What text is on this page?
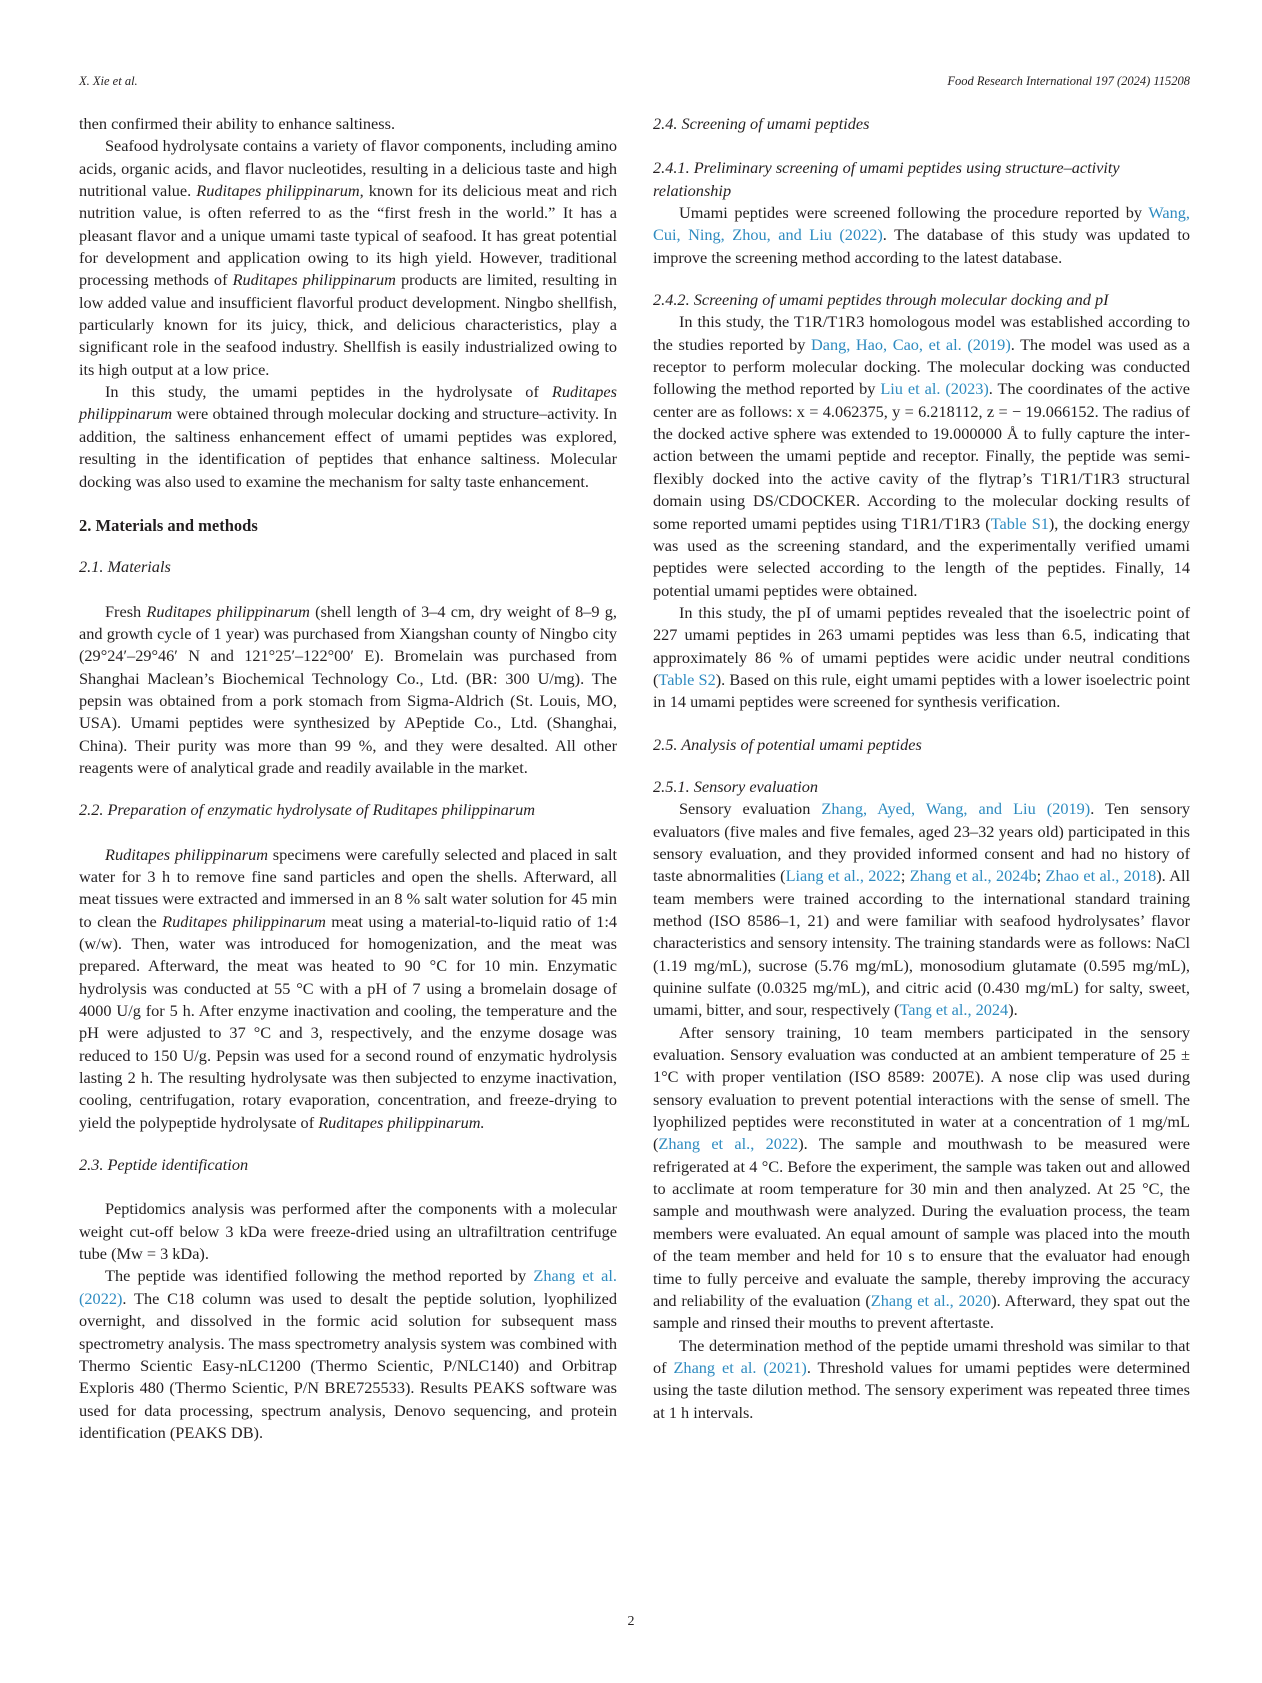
X. Xie et al.	Food Research International 197 (2024) 115208

then confirmed their ability to enhance saltiness.

Seafood hydrolysate contains a variety of flavor components, including amino acids, organic acids, and flavor nucleotides, resulting in a delicious taste and high nutritional value. Ruditapes philippinarum, known for its delicious meat and rich nutrition value, is often referred to as the “first fresh in the world.” It has a pleasant flavor and a unique umami taste typical of seafood. It has great potential for development and application owing to its high yield. However, traditional processing methods of Ruditapes philippinarum products are limited, resulting in low added value and insufficient flavorful product development. Ningbo shellfish, particularly known for its juicy, thick, and delicious characteristics, play a significant role in the seafood industry. Shellfish is easily industrialized owing to its high output at a low price.

In this study, the umami peptides in the hydrolysate of Ruditapes philippinarum were obtained through molecular docking and structure–activity. In addition, the saltiness enhancement effect of umami peptides was explored, resulting in the identification of peptides that enhance saltiness. Molecular docking was also used to examine the mechanism for salty taste enhancement.

2. Materials and methods
2.1. Materials

Fresh Ruditapes philippinarum (shell length of 3–4 cm, dry weight of 8–9 g, and growth cycle of 1 year) was purchased from Xiangshan county of Ningbo city (29°24′–29°46′ N and 121°25′–122°00′ E). Bromelain was purchased from Shanghai Maclean’s Biochemical Technology Co., Ltd. (BR: 300 U/mg). The pepsin was obtained from a pork stomach from Sigma-Aldrich (St. Louis, MO, USA). Umami peptides were synthesized by APeptide Co., Ltd. (Shanghai, China). Their purity was more than 99 %, and they were desalted. All other reagents were of analytical grade and readily available in the market.

2.2. Preparation of enzymatic hydrolysate of Ruditapes philippinarum

Ruditapes philippinarum specimens were carefully selected and placed in salt water for 3 h to remove fine sand particles and open the shells. Afterward, all meat tissues were extracted and immersed in an 8 % salt water solution for 45 min to clean the Ruditapes philippinarum meat using a material-to-liquid ratio of 1:4 (w/w). Then, water was introduced for homogenization, and the meat was prepared. Afterward, the meat was heated to 90 °C for 10 min. Enzymatic hydrolysis was conducted at 55 °C with a pH of 7 using a bromelain dosage of 4000 U/g for 5 h. After enzyme inactivation and cooling, the temperature and the pH were adjusted to 37 °C and 3, respectively, and the enzyme dosage was reduced to 150 U/g. Pepsin was used for a second round of enzymatic hydrolysis lasting 2 h. The resulting hydrolysate was then subjected to enzyme inactivation, cooling, centrifugation, rotary evaporation, concentration, and freeze-drying to yield the polypeptide hydrolysate of Ruditapes philippinarum.

2.3. Peptide identification

Peptidomics analysis was performed after the components with a molecular weight cut-off below 3 kDa were freeze-dried using an ultrafiltration centrifuge tube (Mw = 3 kDa).

The peptide was identified following the method reported by Zhang et al. (2022). The C18 column was used to desalt the peptide solution, lyophilized overnight, and dissolved in the formic acid solution for subsequent mass spectrometry analysis. The mass spectrometry analysis system was combined with Thermo Scientic Easy-nLC1200 (Thermo Scientic, P/NLC140) and Orbitrap Exploris 480 (Thermo Scientic, P/N BRE725533). Results PEAKS software was used for data processing, spectrum analysis, Denovo sequencing, and protein identification (PEAKS DB).

2.4. Screening of umami peptides
2.4.1. Preliminary screening of umami peptides using structure–activity relationship

Umami peptides were screened following the procedure reported by Wang, Cui, Ning, Zhou, and Liu (2022). The database of this study was updated to improve the screening method according to the latest database.

2.4.2. Screening of umami peptides through molecular docking and pI

In this study, the T1R/T1R3 homologous model was established according to the studies reported by Dang, Hao, Cao, et al. (2019). The model was used as a receptor to perform molecular docking. The molecular docking was conducted following the method reported by Liu et al. (2023). The coordinates of the active center are as follows: x = 4.062375, y = 6.218112, z = − 19.066152. The radius of the docked active sphere was extended to 19.000000 Å to fully capture the interaction between the umami peptide and receptor. Finally, the peptide was semi-flexibly docked into the active cavity of the flytrap’s T1R1/T1R3 structural domain using DS/CDOCKER. According to the molecular docking results of some reported umami peptides using T1R1/T1R3 (Table S1), the docking energy was used as the screening standard, and the experimentally verified umami peptides were selected according to the length of the peptides. Finally, 14 potential umami peptides were obtained.

In this study, the pI of umami peptides revealed that the isoelectric point of 227 umami peptides in 263 umami peptides was less than 6.5, indicating that approximately 86 % of umami peptides were acidic under neutral conditions (Table S2). Based on this rule, eight umami peptides with a lower isoelectric point in 14 umami peptides were screened for synthesis verification.

2.5. Analysis of potential umami peptides
2.5.1. Sensory evaluation

Sensory evaluation Zhang, Ayed, Wang, and Liu (2019). Ten sensory evaluators (five males and five females, aged 23–32 years old) participated in this sensory evaluation, and they provided informed consent and had no history of taste abnormalities (Liang et al., 2022; Zhang et al., 2024b; Zhao et al., 2018). All team members were trained according to the international standard training method (ISO 8586–1, 21) and were familiar with seafood hydrolysates’ flavor characteristics and sensory intensity. The training standards were as follows: NaCl (1.19 mg/mL), sucrose (5.76 mg/mL), monosodium glutamate (0.595 mg/mL), quinine sulfate (0.0325 mg/mL), and citric acid (0.430 mg/mL) for salty, sweet, umami, bitter, and sour, respectively (Tang et al., 2024).

After sensory training, 10 team members participated in the sensory evaluation. Sensory evaluation was conducted at an ambient temperature of 25 ± 1°C with proper ventilation (ISO 8589: 2007E). A nose clip was used during sensory evaluation to prevent potential interactions with the sense of smell. The lyophilized peptides were reconstituted in water at a concentration of 1 mg/mL (Zhang et al., 2022). The sample and mouthwash to be measured were refrigerated at 4 °C. Before the experiment, the sample was taken out and allowed to acclimate at room temperature for 30 min and then analyzed. At 25 °C, the sample and mouthwash were analyzed. During the evaluation process, the team members were evaluated. An equal amount of sample was placed into the mouth of the team member and held for 10 s to ensure that the evaluator had enough time to fully perceive and evaluate the sample, thereby improving the accuracy and reliability of the evaluation (Zhang et al., 2020). Afterward, they spat out the sample and rinsed their mouths to prevent aftertaste.

The determination method of the peptide umami threshold was similar to that of Zhang et al. (2021). Threshold values for umami peptides were determined using the taste dilution method. The sensory experiment was repeated three times at 1 h intervals.

2
